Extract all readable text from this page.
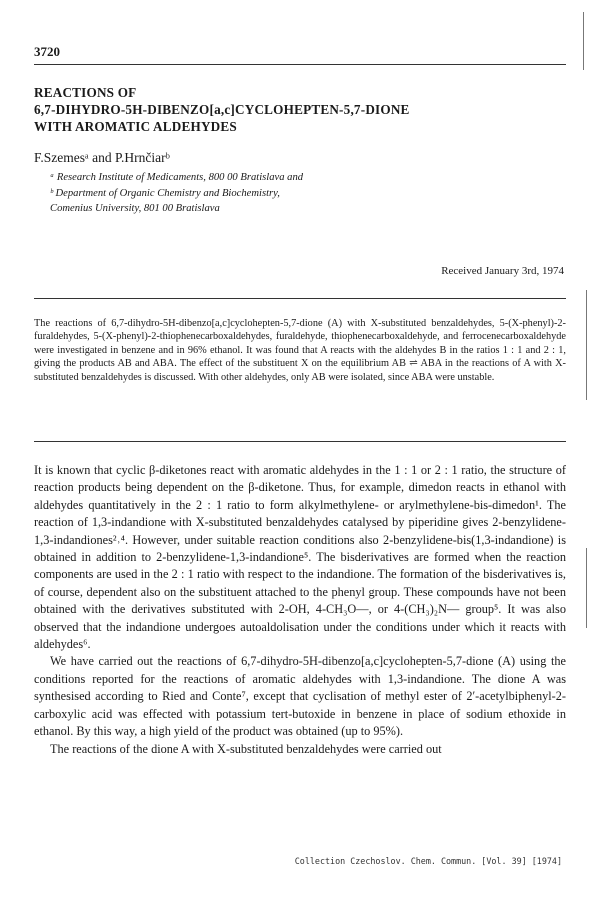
3720
REACTIONS OF
6,7-DIHYDRO-5H-DIBENZO[a,c]CYCLOHEPTEN-5,7-DIONE
WITH AROMATIC ALDEHYDES
F.Szemesᵃ and P.Hrnčiarᵇ
ᵃ Research Institute of Medicaments, 800 00 Bratislava and
ᵇ Department of Organic Chemistry and Biochemistry,
Comenius University, 801 00 Bratislava
Received January 3rd, 1974
The reactions of 6,7-dihydro-5H-dibenzo[a,c]cyclohepten-5,7-dione (A) with X-substituted benzaldehydes, 5-(X-phenyl)-2-furaldehydes, 5-(X-phenyl)-2-thiophenecarboxaldehydes, furaldehyde, thiophenecarboxaldehyde, and ferrocenecarboxaldehyde were investigated in benzene and in 96% ethanol. It was found that A reacts with the aldehydes B in the ratios 1 : 1 and 2 : 1, giving the products AB and ABA. The effect of the substituent X on the equilibrium AB ⇌ ABA in the reactions of A with X-substituted benzaldehydes is discussed. With other aldehydes, only AB were isolated, since ABA were unstable.

It is known that cyclic β-diketones react with aromatic aldehydes in the 1 : 1 or 2 : 1 ratio, the structure of reaction products being dependent on the β-diketone. Thus, for example, dimedon reacts in ethanol with aldehydes quantitatively in the 2 : 1 ratio to form alkylmethylene- or arylmethylene-bis-dimedon¹. The reaction of 1,3-indandione with X-substituted benzaldehydes catalysed by piperidine gives 2-benzylidene-1,3-indandiones²˒⁴. However, under suitable reaction conditions also 2-benzylidene-bis(1,3-indandione) is obtained in addition to 2-benzylidene-1,3-indandione⁵. The bisderivatives are formed when the reaction components are used in the 2 : 1 ratio with respect to the indandione. The formation of the bisderivatives is, of course, dependent also on the substituent attached to the phenyl group. These compounds have not been obtained with the derivatives substituted with 2-OH, 4-CH₃O—, or 4-(CH₃)₂N— group⁵. It was also observed that the indandione undergoes autoaldolisation under the conditions under which it reacts with aldehydes⁶.

We have carried out the reactions of 6,7-dihydro-5H-dibenzo[a,c]cyclohepten-5,7-dione (A) using the conditions reported for the reactions of aromatic aldehydes with 1,3-indandione. The dione A was synthesised according to Ried and Conte⁷, except that cyclisation of methyl ester of 2′-acetylbiphenyl-2-carboxylic acid was effected with potassium tert-butoxide in benzene in place of sodium ethoxide in ethanol. By this way, a high yield of the product was obtained (up to 95%).

The reactions of the dione A with X-substituted benzaldehydes were carried out

Collection Czechoslov. Chem. Commun. [Vol. 39] [1974]
